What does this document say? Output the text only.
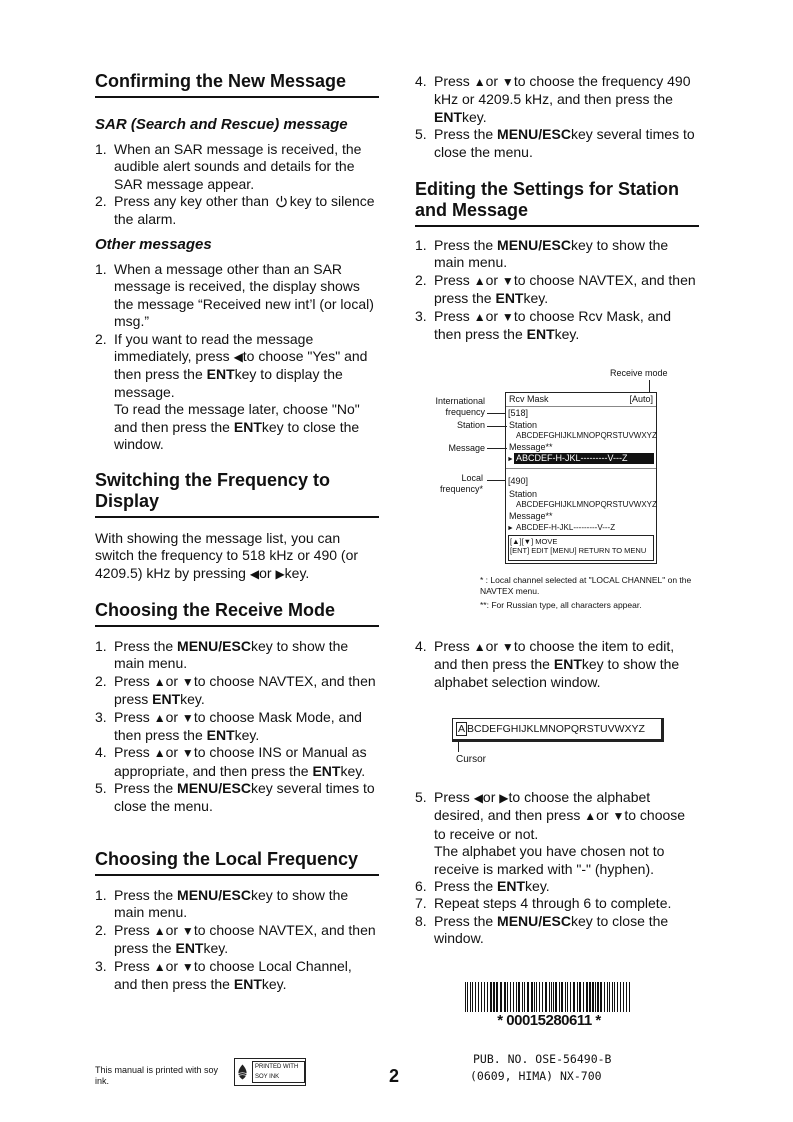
Confirming the New Message
SAR (Search and Rescue) message
1. When an SAR message is received, the audible alert sounds and details for the SAR message appear.
2. Press any key other than key to silence the alarm.
Other messages
1. When a message other than an SAR message is received, the display shows the message “Received new int’l (or local) msg.”
2. If you want to read the message immediately, press ◀to choose "Yes" and then press the ENTkey to display the message.
To read the message later, choose "No" and then press the ENTkey to close the window.
Switching the Frequency to Display
With showing the message list, you can switch the frequency to 518 kHz or 490 (or 4209.5) kHz by pressing ◀or ▶key.
Choosing the Receive Mode
1. Press the MENU/ESCkey to show the main menu.
2. Press ▲or ▼to choose NAVTEX, and then press ENTkey.
3. Press ▲or ▼to choose Mask Mode, and then press the ENTkey.
4. Press ▲or ▼to choose INS or Manual as appropriate, and then press the ENTkey.
5. Press the MENU/ESCkey several times to close the menu.
Choosing the Local Frequency
1. Press the MENU/ESCkey to show the main menu.
2. Press ▲or ▼to choose NAVTEX, and then press the ENTkey.
3. Press ▲or ▼to choose Local Channel, and then press the ENTkey.
4. Press ▲or ▼to choose the frequency 490 kHz or 4209.5 kHz, and then press the ENTkey.
5. Press the MENU/ESCkey several times to close the menu.
Editing the Settings for Station and Message
1. Press the MENU/ESCkey to show the main menu.
2. Press ▲or ▼to choose NAVTEX, and then press the ENTkey.
3. Press ▲or ▼to choose Rcv Mask, and then press the ENTkey.
Receive mode
International frequency
Station
Message
Local frequency*
Rcv Mask	[Auto]
[518]
Station
ABCDEFGHIJKLMNOPQRSTUVWXYZ
Message**
► ABCDEF-H-JKL---------V---Z
[490]
Station
ABCDEFGHIJKLMNOPQRSTUVWXYZ
Message**
► ABCDEF-H-JKL---------V---Z
[▲][▼] MOVE
[ENT] EDIT [MENU] RETURN TO MENU
* : Local channel selected at "LOCAL CHANNEL" on the NAVTEX menu.
**: For Russian type, all characters appear.
4. Press ▲or ▼to choose the item to edit, and then press the ENTkey to show the alphabet selection window.
A BCDEFGHIJKLMNOPQRSTUVWXYZ
Cursor
5. Press ◀or ▶to choose the alphabet desired, and then press ▲or ▼to choose to receive or not.
The alphabet you have chosen not to receive is marked with "-" (hyphen).
6. Press the ENTkey.
7. Repeat steps 4 through 6 to complete.
8. Press the MENU/ESCkey to close the window.
* 00015280611 *
This manual is printed with soy ink.
PRINTED WITH SOY INK	2
PUB. NO. OSE-56490-B
(0609, HIMA) NX-700
